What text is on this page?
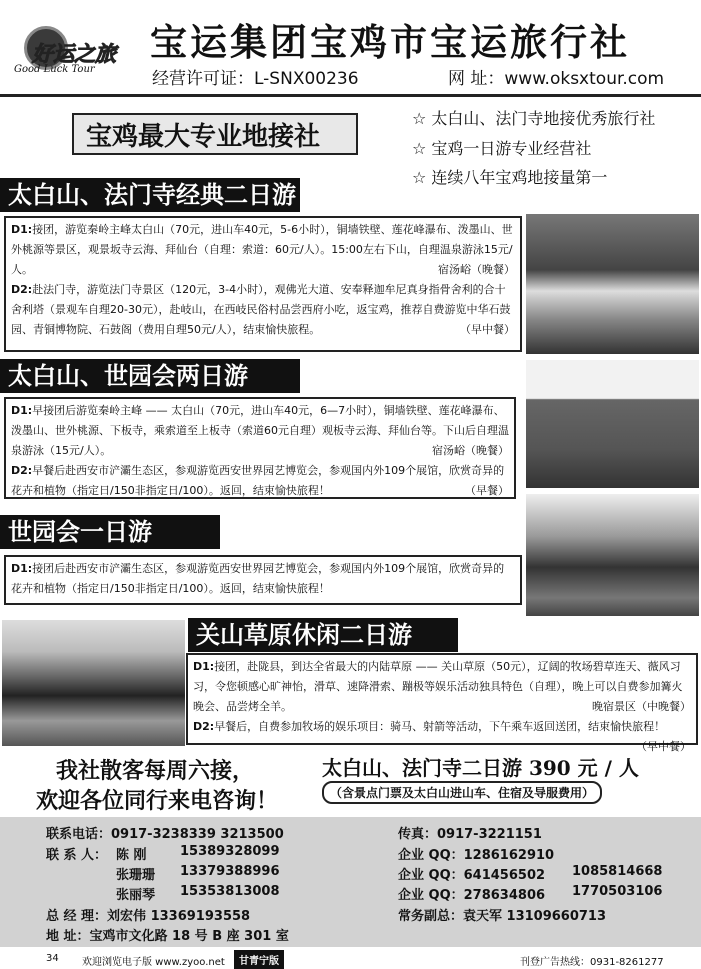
好运之旅
Good Luck Tour
宝运集团宝鸡市宝运旅行社
经营许可证：L-SNX00236	网 址：www.oksxtour.com
宝鸡最大专业地接社
☆ 太白山、法门寺地接优秀旅行社
☆ 宝鸡一日游专业经营社
☆ 连续八年宝鸡地接量第一
太白山、法门寺经典二日游

D1:接团，游览秦岭主峰太白山（70元，进山车40元，5-6小时），铜墙铁壁、莲花峰瀑布、泼墨山、世外桃源等景区，观景坂寺云海、拜仙台（自理：索道：60元/人）。15:00左右下山，自理温泉游泳15元/人。	宿汤峪（晚餐）

D2:赴法门寺，游览法门寺景区（120元，3-4小时），观佛光大道、安奉释迦牟尼真身指骨舍利的合十舍利塔（景观车自理20-30元），赴岐山，在西岐民俗村品尝西府小吃，返宝鸡，推荐自费游览中华石鼓园、青铜博物院、石鼓阁（费用自理50元/人），结束愉快旅程。	（早中餐）

太白山、世园会两日游

D1:早接团后游览秦岭主峰 —— 太白山（70元，进山车40元，6—7小时），铜墙铁壁、莲花峰瀑布、泼墨山、世外桃源、下板寺，乘索道至上板寺（索道60元自理）观板寺云海、拜仙台等。下山后自理温泉游泳（15元/人）。	宿汤峪（晚餐）

D2:早餐后赴西安市浐灞生态区，参观游览西安世界园艺博览会，参观国内外109个展馆，欣赏奇异的花卉和植物（指定日/150非指定日/100）。返回，结束愉快旅程！	（早餐）

世园会一日游

D1:接团后赴西安市浐灞生态区，参观游览西安世界园艺博览会，参观国内外109个展馆，欣赏奇异的花卉和植物（指定日/150非指定日/100）。返回，结束愉快旅程！

关山草原休闲二日游

D1:接团，赴陇县，到达全省最大的内陆草原 —— 关山草原（50元），辽阔的牧场碧草连天、薇风习习，令您顿感心旷神怡，滑草、速降滑索、蹦极等娱乐活动独具特色（自理），晚上可以自费参加篝火晚会、品尝烤全羊。	晚宿景区（中晚餐）

D2:早餐后，自费参加牧场的娱乐项目：骑马、射箭等活动，下午乘车返回送团，结束愉快旅程！
（早中餐）

我社散客每周六接，
欢迎各位同行来电咨询！
太白山、法门寺二日游 390 元 / 人
（含景点门票及太白山进山车、住宿及导服费用）
联系电话：0917-3238339 3213500
联 系 人： 陈 刚	15389328099
张珊珊 13379388996
张丽琴 15353813008
总 经 理：刘宏伟 13369193558
地 址：宝鸡市文化路 18 号 B 座 301 室
传真：0917-3221151
企业 QQ：1286162910
企业 QQ：641456502 1085814668
企业 QQ：278634806 1770503106
常务副总：袁天军 13109660713
34 欢迎浏览电子版 www.zyoo.net	甘青宁版	刊登广告热线：0931-8261277
